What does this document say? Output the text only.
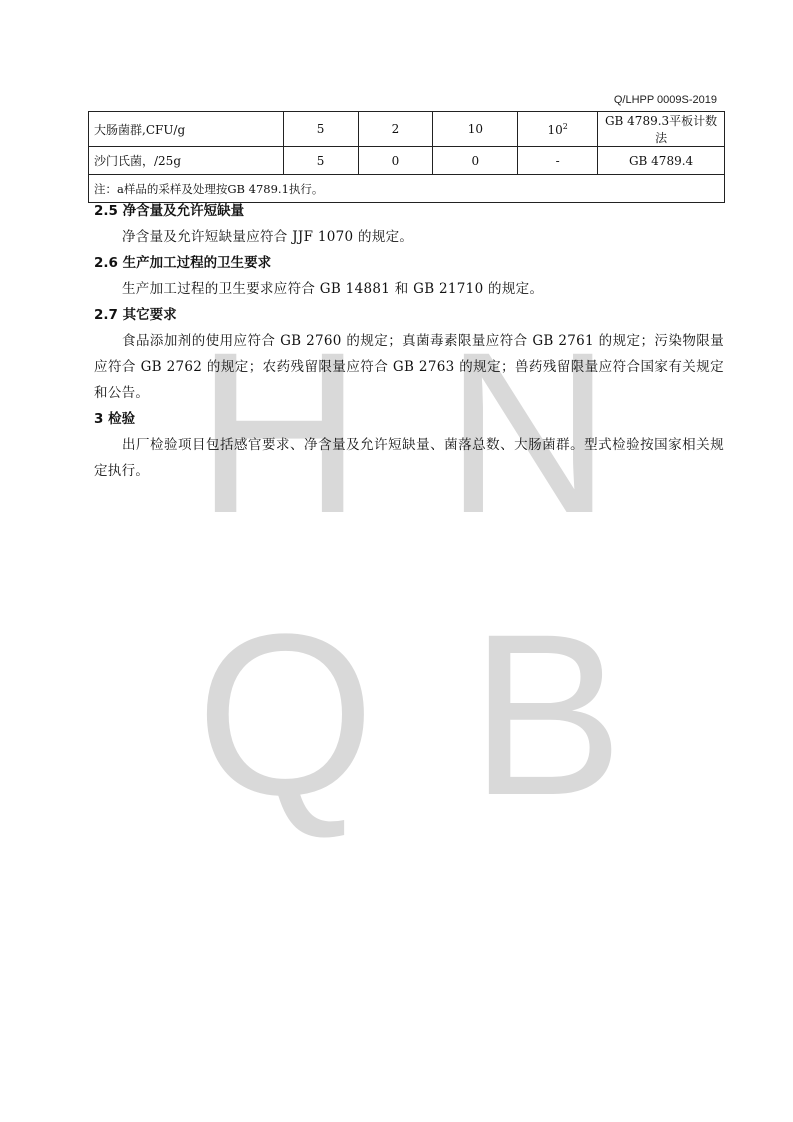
H N
Q B
Q/LHPP 0009S-2019
大肠菌群,CFU/g	5	2	10	$10^2$	GB 4789.3平板计数法
沙门氏菌，/25g	5	0	0	-	GB 4789.4
注：a样品的采样及处理按GB 4789.1执行。					
2.5 净含量及允许短缺量
净含量及允许短缺量应符合 JJF 1070 的规定。
2.6 生产加工过程的卫生要求
生产加工过程的卫生要求应符合 GB 14881 和 GB 21710 的规定。
2.7 其它要求
食品添加剂的使用应符合 GB 2760 的规定；真菌毒素限量应符合 GB 2761 的规定；污染物限量应符合 GB 2762 的规定；农药残留限量应符合 GB 2763 的规定；兽药残留限量应符合国家有关规定和公告。
3 检验
出厂检验项目包括感官要求、净含量及允许短缺量、菌落总数、大肠菌群。型式检验按国家相关规定执行。
